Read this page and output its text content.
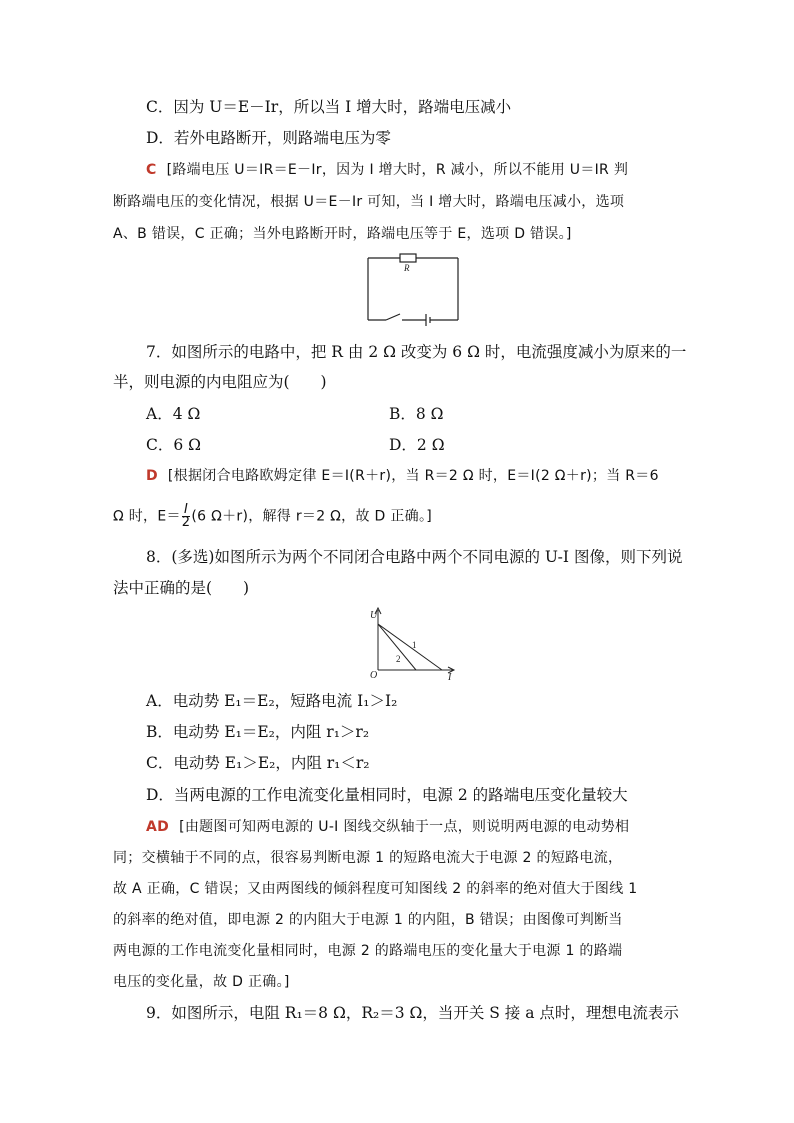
C．因为 U＝E－Ir，所以当 I 增大时，路端电压减小
D．若外电路断开，则路端电压为零
C [路端电压 U＝IR＝E－Ir，因为 I 增大时，R 减小，所以不能用 U＝IR 判
断路端电压的变化情况，根据 U＝E－Ir 可知，当 I 增大时，路端电压减小，选项
A、B 错误，C 正确；当外电路断开时，路端电压等于 E，选项 D 错误。]
R
7．如图所示的电路中，把 R 由 2 Ω 改变为 6 Ω 时，电流强度减小为原来的一
半，则电源的内电阻应为(　　)
A．4 Ω	B．8 Ω
C．6 Ω	D．2 Ω
D [根据闭合电路欧姆定律 E＝I(R＋r)，当 R＝2 Ω 时，E＝I(2 Ω＋r)；当 R＝6
Ω 时，$E= \frac{I}{2} (6$ Ω＋r)，解得 r＝2 Ω，故 D 正确。]
8．(多选)如图所示为两个不同闭合电路中两个不同电源的 U-I 图像，则下列说
法中正确的是(　　)
U
I
O
1
2
A．电动势 E₁＝E₂，短路电流 I₁＞I₂
B．电动势 E₁＝E₂，内阻 r₁＞r₂
C．电动势 E₁＞E₂，内阻 r₁＜r₂
D．当两电源的工作电流变化量相同时，电源 2 的路端电压变化量较大
AD [由题图可知两电源的 U-I 图线交纵轴于一点，则说明两电源的电动势相
同；交横轴于不同的点，很容易判断电源 1 的短路电流大于电源 2 的短路电流，
故 A 正确，C 错误；又由两图线的倾斜程度可知图线 2 的斜率的绝对值大于图线 1
的斜率的绝对值，即电源 2 的内阻大于电源 1 的内阻，B 错误；由图像可判断当
两电源的工作电流变化量相同时，电源 2 的路端电压的变化量大于电源 1 的路端
电压的变化量，故 D 正确。]
9．如图所示，电阻 R₁＝8 Ω，R₂＝3 Ω，当开关 S 接 a 点时，理想电流表示
